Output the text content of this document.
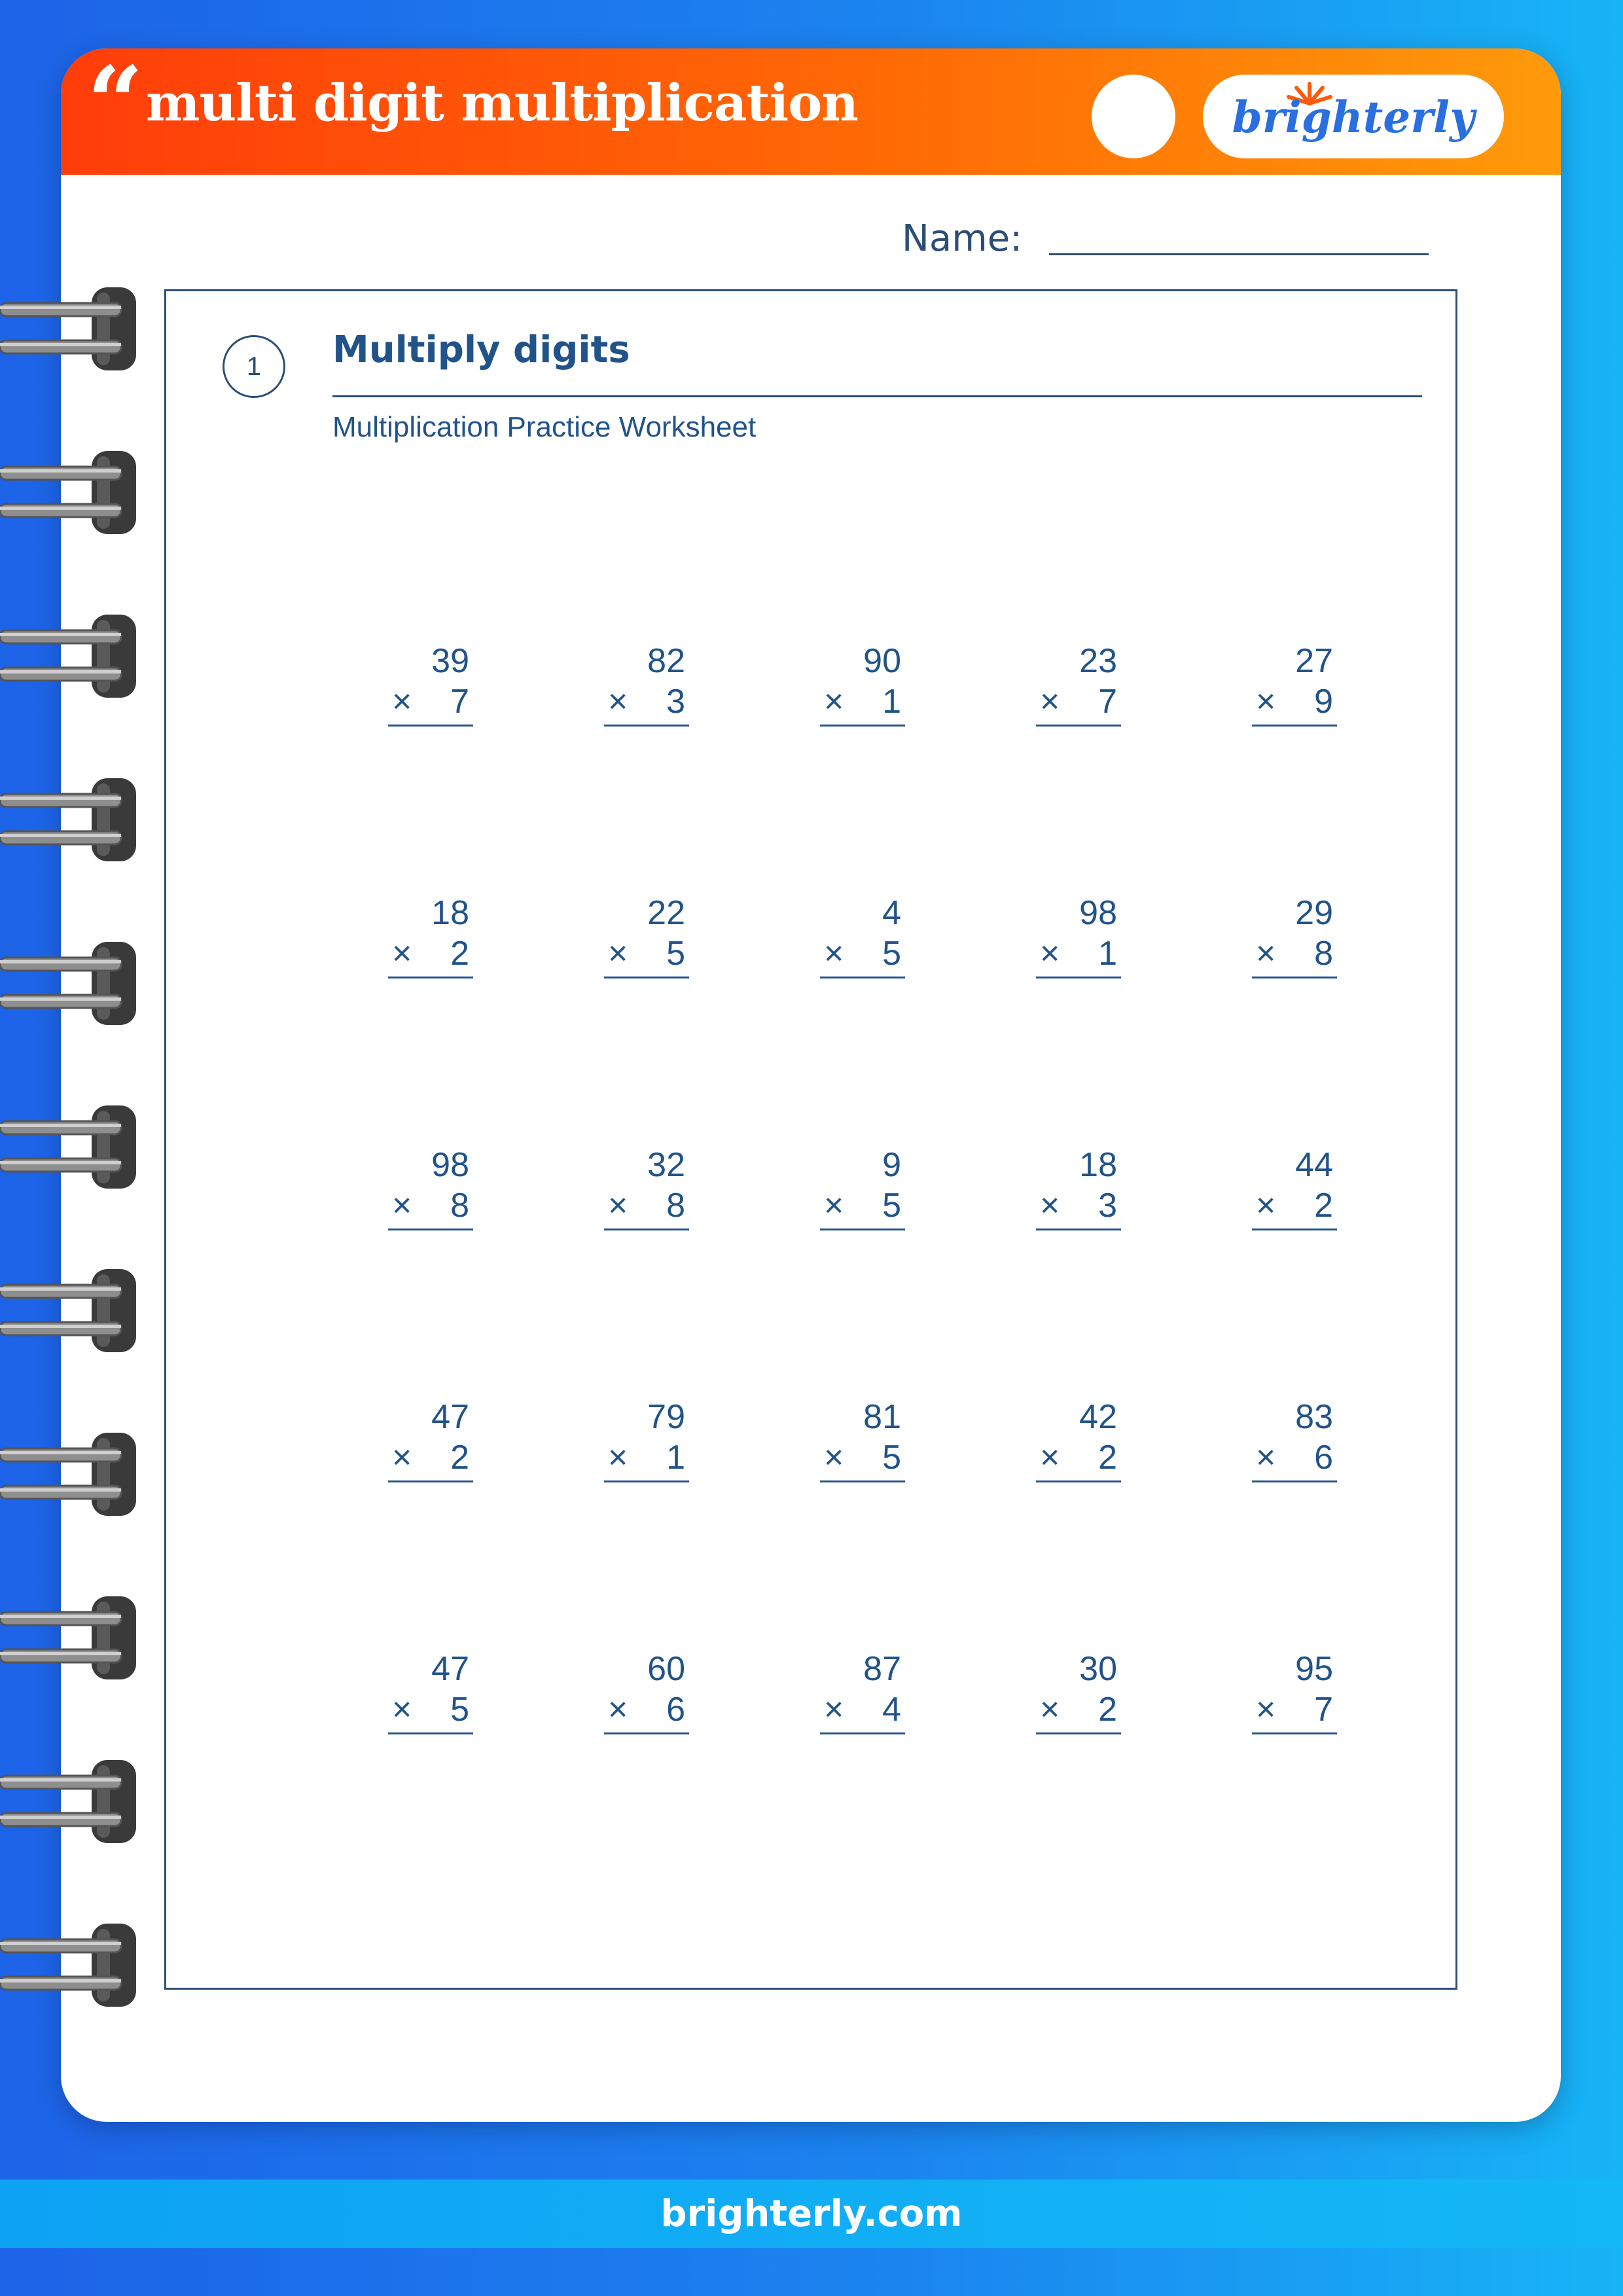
“ multi digit multiplication	brighterly
Name:
1	Multiply digits
Multiplication Practice Worksheet
39
× 7
82
× 3
90
× 1
23
× 7
27
× 9
18
× 2
22
× 5
4
× 5
98
× 1
29
× 8
98
× 8
32
× 8
9
× 5
18
× 3
44
× 2
47
× 2
79
× 1
81
× 5
42
× 2
83
× 6
47
× 5
60
× 6
87
× 4
30
× 2
95
× 7
brighterly.com
